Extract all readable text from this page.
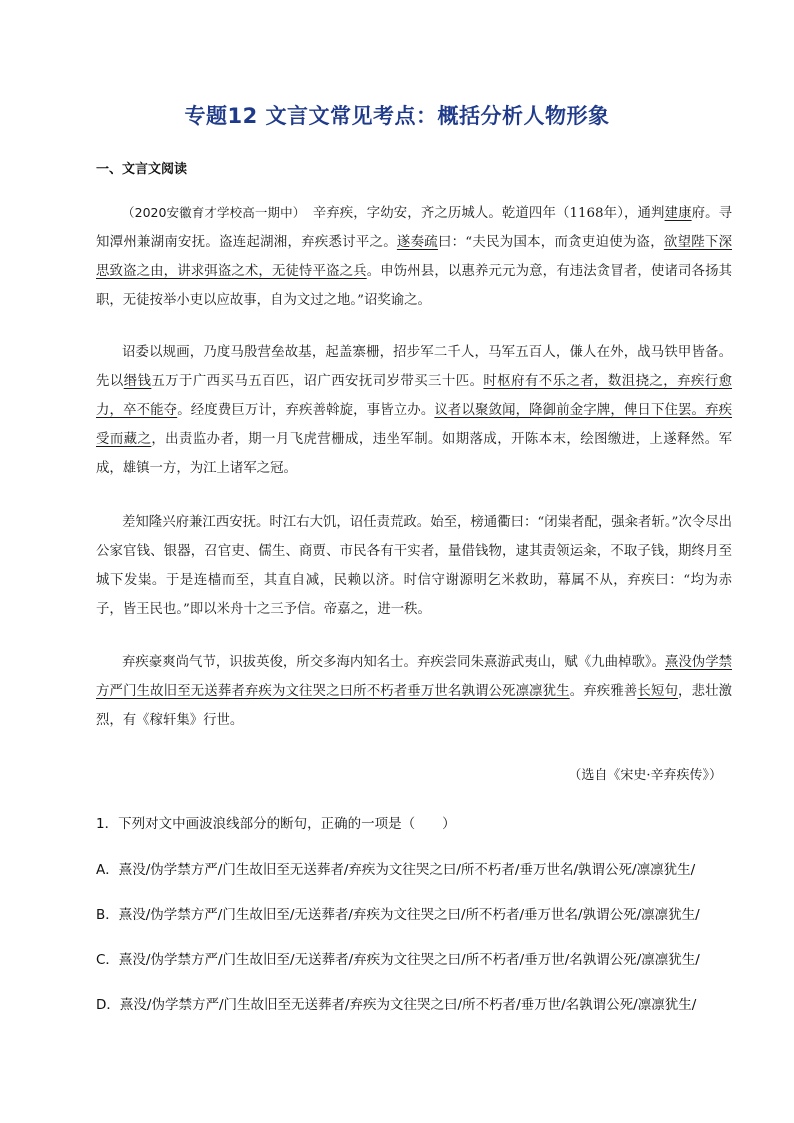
专题12 文言文常见考点：概括分析人物形象
一、文言文阅读
（2020安徽育才学校高一期中）　辛弃疾，字幼安，齐之历城人。乾道四年（1168年），通判建康府。寻知潭州兼湖南安抚。盗连起湖湘，弃疾悉讨平之。遂奏疏曰：“夫民为国本，而贪吏迫使为盗，欲望陛下深思致盗之由，讲求弭盗之术，无徒恃平盗之兵。申饬州县，以惠养元元为意，有违法贪冒者，使诸司各扬其职，无徒按举小吏以应故事，自为文过之地。”诏奖谕之。
诏委以规画，乃度马殷营垒故基，起盖寨栅，招步军二千人，马军五百人，傔人在外，战马铁甲皆备。先以缗钱五万于广西买马五百匹，诏广西安抚司岁带买三十匹。时枢府有不乐之者，数沮挠之，弃疾行愈力，卒不能夺。经度费巨万计，弃疾善斡旋，事皆立办。议者以聚敛闻，降御前金字牌，俾日下住罢。弃疾受而藏之，出责监办者，期一月飞虎营栅成，违坐军制。如期落成，开陈本末，绘图缴进，上遂释然。军成，雄镇一方，为江上诸军之冠。
差知隆兴府兼江西安抚。时江右大饥，诏任责荒政。始至，榜通衢曰：“闭粜者配，强籴者斩。”次令尽出公家官钱、银器，召官吏、儒生、商贾、市民各有干实者，量借钱物，逮其责领运籴，不取子钱，期终月至城下发粜。于是连樯而至，其直自减，民赖以济。时信守谢源明乞米救助，幕属不从，弃疾曰：“均为赤子，皆王民也。”即以米舟十之三予信。帝嘉之，进一秩。
弃疾豪爽尚气节，识拔英俊，所交多海内知名士。弃疾尝同朱熹游武夷山，赋《九曲棹歌》。熹没伪学禁方严门生故旧至无送葬者弃疾为文往哭之曰所不朽者垂万世名孰谓公死凛凛犹生。弃疾雅善长短句，悲壮激烈，有《稼轩集》行世。
（选自《宋史·辛弃疾传》）
1．下列对文中画波浪线部分的断句，正确的一项是（　　）
A．熹没/伪学禁方严/门生故旧至无送葬者/弃疾为文往哭之曰/所不朽者/垂万世名/孰谓公死/凛凛犹生/
B．熹没/伪学禁方严/门生故旧至/无送葬者/弃疾为文往哭之曰/所不朽者/垂万世名/孰谓公死/凛凛犹生/
C．熹没/伪学禁方严/门生故旧至/无送葬者/弃疾为文往哭之曰/所不朽者/垂万世/名孰谓公死/凛凛犹生/
D．熹没/伪学禁方严/门生故旧至无送葬者/弃疾为文往哭之曰/所不朽者/垂万世/名孰谓公死/凛凛犹生/
